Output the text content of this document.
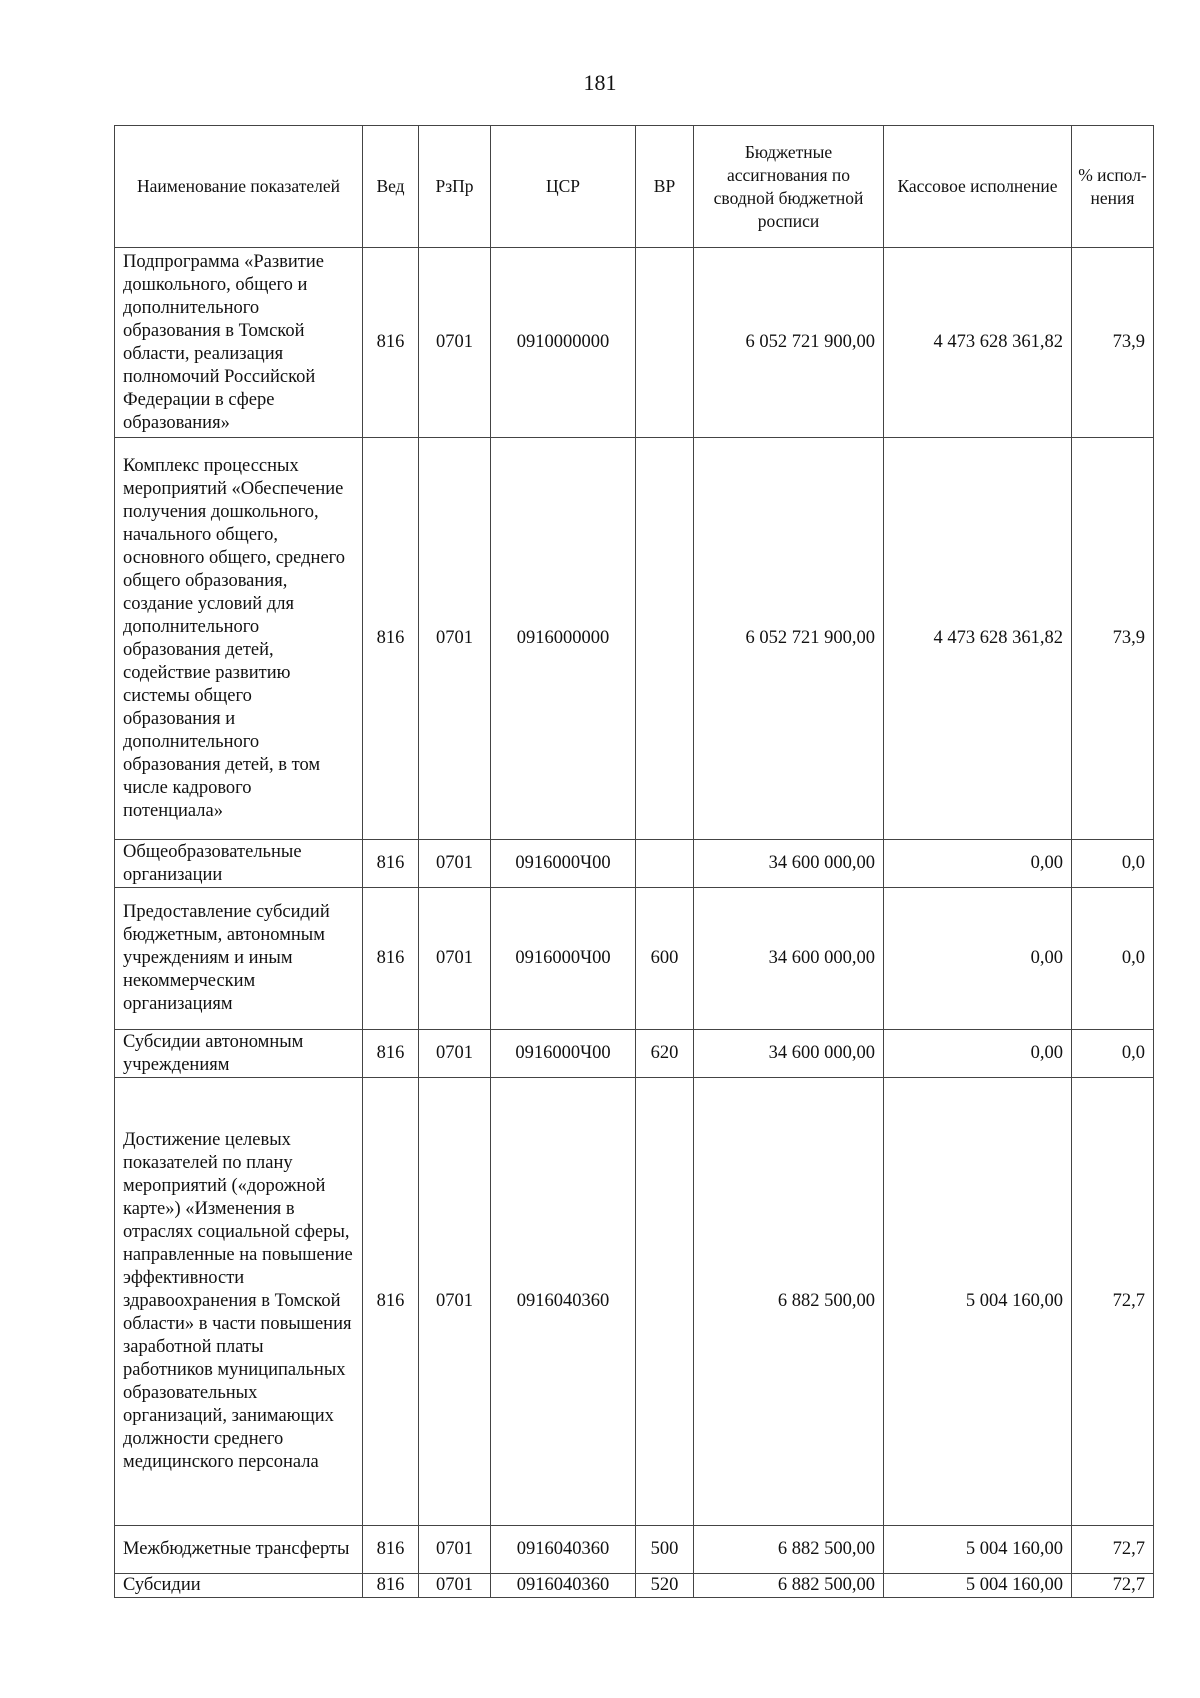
181
Наименование показателей	Вед	РзПр	ЦСР	ВР	Бюджетные ассигнования по сводной бюджетной росписи	Кассовое исполнение	% испол-нения
Подпрограмма «Развитие дошкольного, общего и дополнительного образования в Томской области, реализация полномочий Российской Федерации в сфере образования»	816	0701	0910000000		6 052 721 900,00	4 473 628 361,82	73,9
Комплекс процессных мероприятий «Обеспечение получения дошкольного, начального общего, основного общего, среднего общего образования, создание условий для дополнительного образования детей, содействие развитию системы общего образования и дополнительного образования детей, в том числе кадрового потенциала»	816	0701	0916000000		6 052 721 900,00	4 473 628 361,82	73,9
Общеобразовательные организации	816	0701	0916000Ч00		34 600 000,00	0,00	0,0
Предоставление субсидий бюджетным, автономным учреждениям и иным некоммерческим организациям	816	0701	0916000Ч00	600	34 600 000,00	0,00	0,0
Субсидии автономным учреждениям	816	0701	0916000Ч00	620	34 600 000,00	0,00	0,0
Достижение целевых показателей по плану мероприятий («дорожной карте») «Изменения в отраслях социальной сферы, направленные на повышение эффективности здравоохранения в Томской области» в части повышения заработной платы работников муниципальных образовательных организаций, занимающих должности среднего медицинского персонала	816	0701	0916040360		6 882 500,00	5 004 160,00	72,7
Межбюджетные трансферты	816	0701	0916040360	500	6 882 500,00	5 004 160,00	72,7
Субсидии	816	0701	0916040360	520	6 882 500,00	5 004 160,00	72,7
